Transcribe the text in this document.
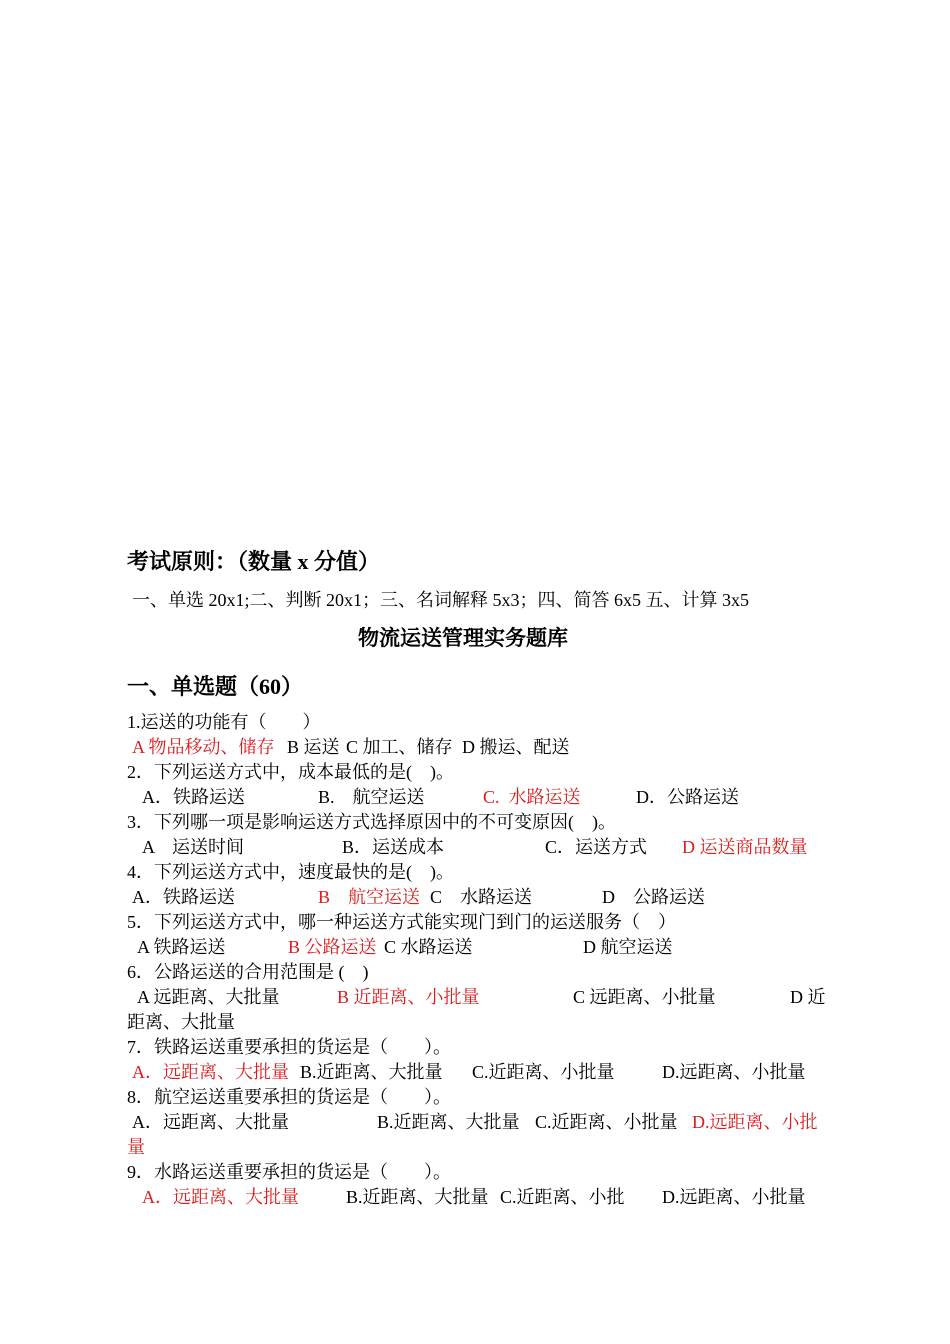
考试原则：（数量 x 分值）
一、单选 20x1;二、判断 20x1；三、名词解释 5x3；四、简答 6x5 五、计算 3x5
物流运送管理实务题库
一、单选题（60）
1.运送的功能有（　　）

A 物品移动、储存

B 运送

C 加工、储存

D 搬运、配送

2．下列运送方式中，成本最低的是(　)。

A．铁路运送

	B.　航空运送

	C.  水路运送

	D．公路运送

3．下列哪一项是影响运送方式选择原因中的不可变原因(　)。

A　运送时间

	B．运送成本

	C．运送方式

D 运送商品数量

4．下列运送方式中，速度最快的是(　)。

A．铁路运送

	B　航空运送

C　水路运送

	D　公路运送

5．下列运送方式中，哪一种运送方式能实现门到门的运送服务（　）

A 铁路运送

	B 公路运送

C 水路运送

	D 航空运送

6．公路运送的合用范围是 (　)

A 远距离、大批量

	B 近距离、小批量

	C 远距离、小批量

	D 近

距离、大批量
7．铁路运送重要承担的货运是（　　）。

A．远距离、大批量

B.近距离、大批量

C.近距离、小批量

	D.远距离、小批量

8．航空运送重要承担的货运是（　　）。

A．远距离、大批量

	B.近距离、大批量

C.近距离、小批量

D.远距离、小批

量
9．水路运送重要承担的货运是（　　）。

A．远距离、大批量

	B.近距离、大批量

C.近距离、小批

D.远距离、小批量
